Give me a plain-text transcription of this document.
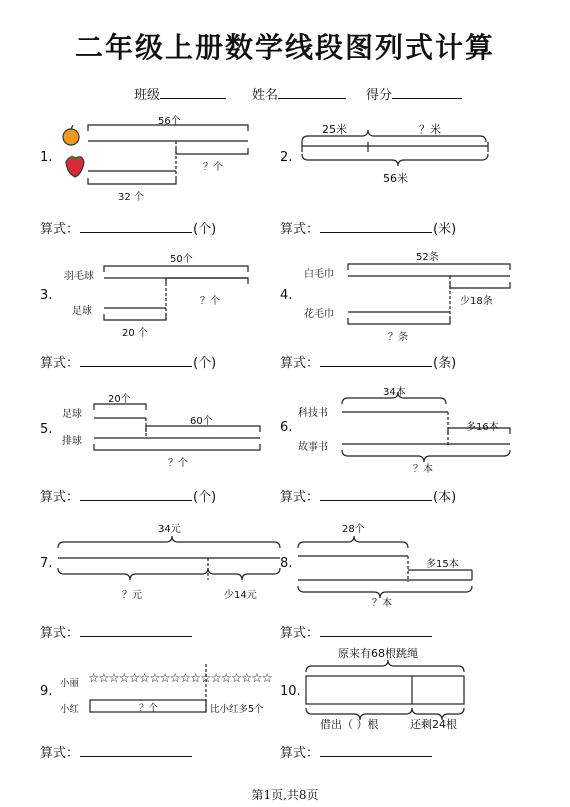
二年级上册数学线段图列式计算
班级	姓名	得分
1.
56个
？个
32 个
2.
25米	？米
56米
3.
羽毛球
足球
50个
？个
20 个
4.
白毛巾
花毛巾
52条
少18条
？条
5.
足球
排球
20个
60个
？个
6.
科技书
故事书
34本
多16本
？本
7.
34元
？元	少14元
8.
28个
多15本
？本
9.
小丽
小红
☆☆☆☆☆☆☆☆☆☆☆☆☆☆☆☆☆☆
？个	比小红多5个
10.
原来有68根跳绳
借出（ ）根	还剩24根
算式：	(个)	算式：	(米)
算式：	(个)	算式：	(条)
算式：	(个)	算式：	(本)
算式：	算式：
算式：	算式：
第1页,共8页
